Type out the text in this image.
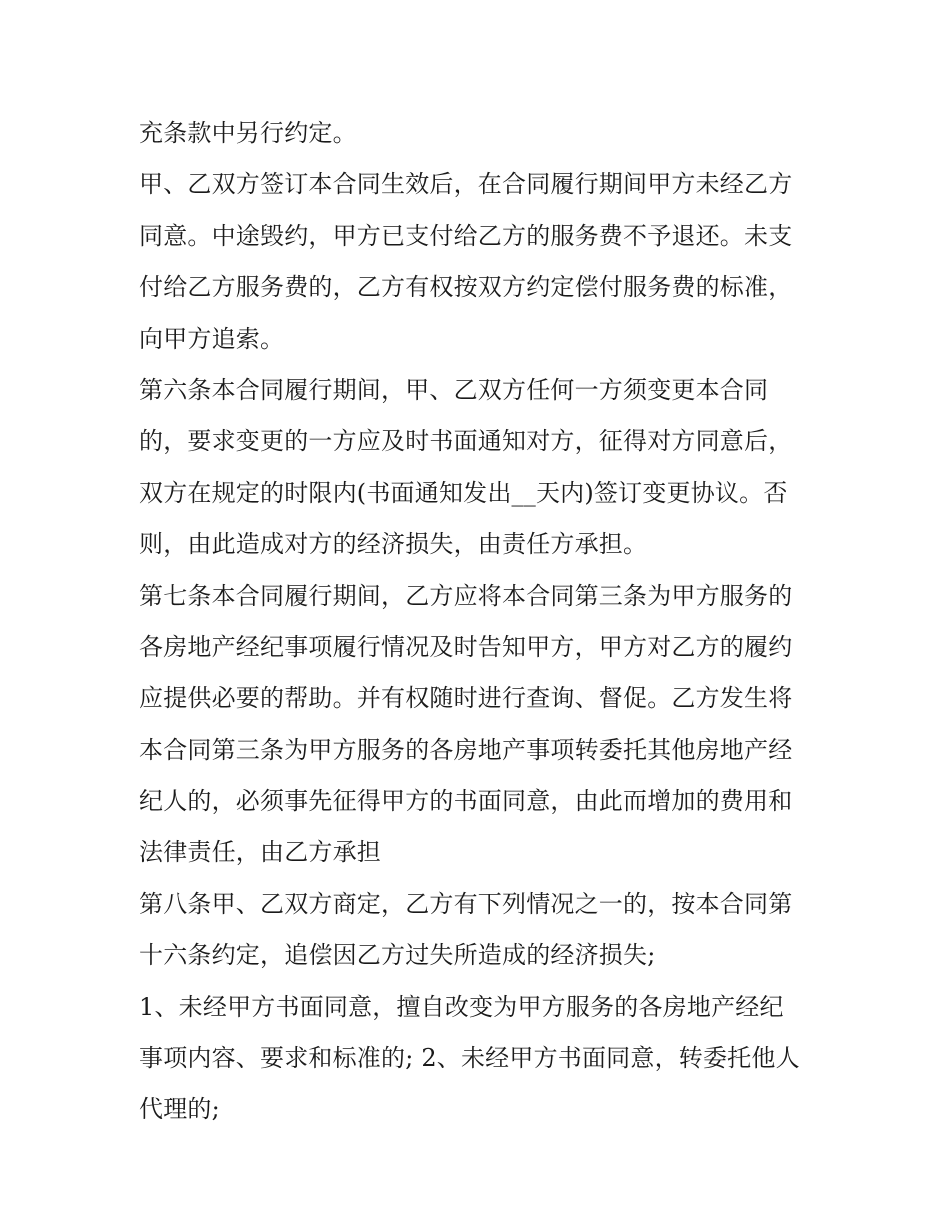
充条款中另行约定。
甲、乙双方签订本合同生效后，在合同履行期间甲方未经乙方
同意。中途毁约，甲方已支付给乙方的服务费不予退还。未支
付给乙方服务费的，乙方有权按双方约定偿付服务费的标准，
向甲方追索。
第六条本合同履行期间，甲、乙双方任何一方须变更本合同
的，要求变更的一方应及时书面通知对方，征得对方同意后，
双方在规定的时限内(书面通知发出__天内)签订变更协议。否
则，由此造成对方的经济损失，由责任方承担。
第七条本合同履行期间，乙方应将本合同第三条为甲方服务的
各房地产经纪事项履行情况及时告知甲方，甲方对乙方的履约
应提供必要的帮助。并有权随时进行查询、督促。乙方发生将
本合同第三条为甲方服务的各房地产事项转委托其他房地产经
纪人的，必须事先征得甲方的书面同意，由此而增加的费用和
法律责任，由乙方承担
第八条甲、乙双方商定，乙方有下列情况之一的，按本合同第
十六条约定，追偿因乙方过失所造成的经济损失;
1、未经甲方书面同意，擅自改变为甲方服务的各房地产经纪
事项内容、要求和标准的; 2、未经甲方书面同意，转委托他人
代理的;
